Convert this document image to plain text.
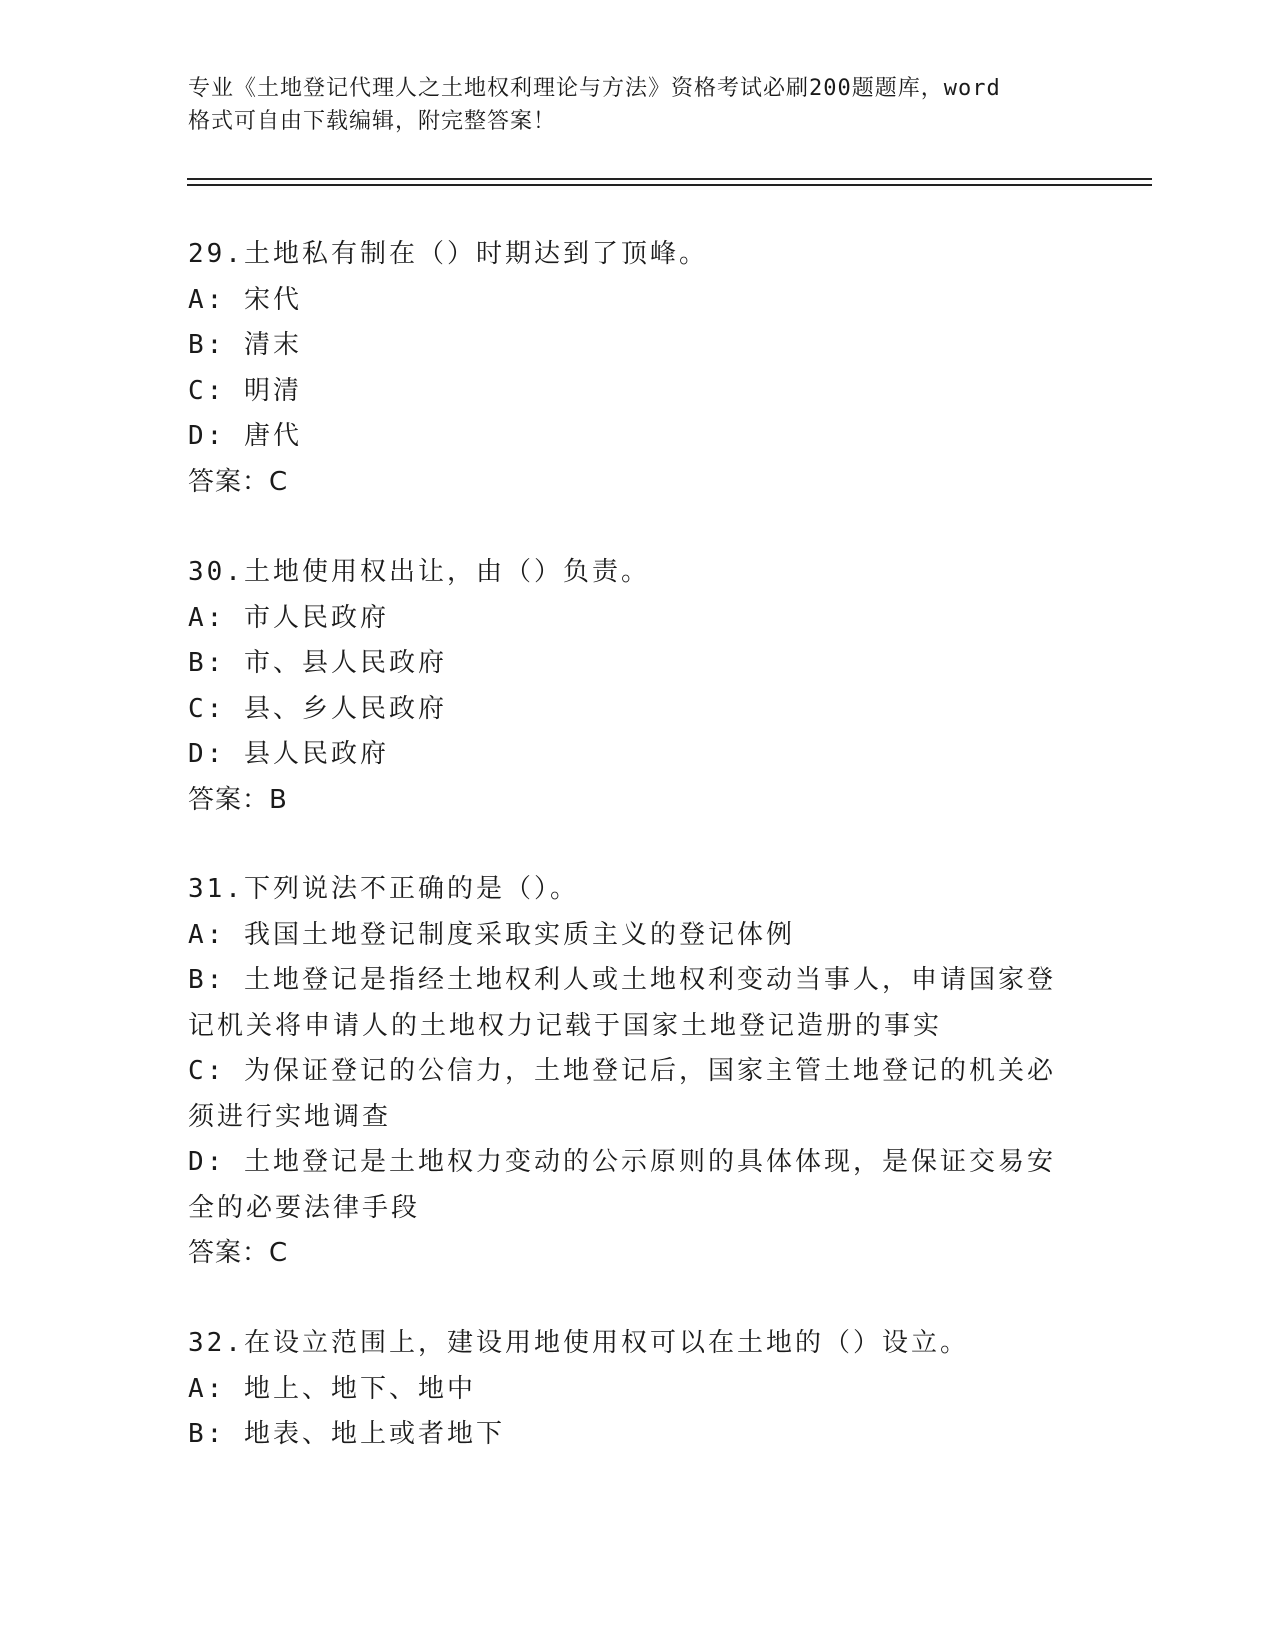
专业《土地登记代理人之土地权利理论与方法》资格考试必刷200题题库，word
格式可自由下载编辑，附完整答案！
29.土地私有制在（）时期达到了顶峰。
A: 宋代
B: 清末
C: 明清
D: 唐代
答案：C
30.土地使用权出让，由（）负责。
A: 市人民政府
B: 市、县人民政府
C: 县、乡人民政府
D: 县人民政府
答案：B
31.下列说法不正确的是（）。
A: 我国土地登记制度采取实质主义的登记体例
B: 土地登记是指经土地权利人或土地权利变动当事人，申请国家登记机关将申请人的土地权力记载于国家土地登记造册的事实
C: 为保证登记的公信力，土地登记后，国家主管土地登记的机关必须进行实地调查
D: 土地登记是土地权力变动的公示原则的具体体现，是保证交易安全的必要法律手段
答案：C
32.在设立范围上，建设用地使用权可以在土地的（）设立。
A: 地上、地下、地中
B: 地表、地上或者地下
